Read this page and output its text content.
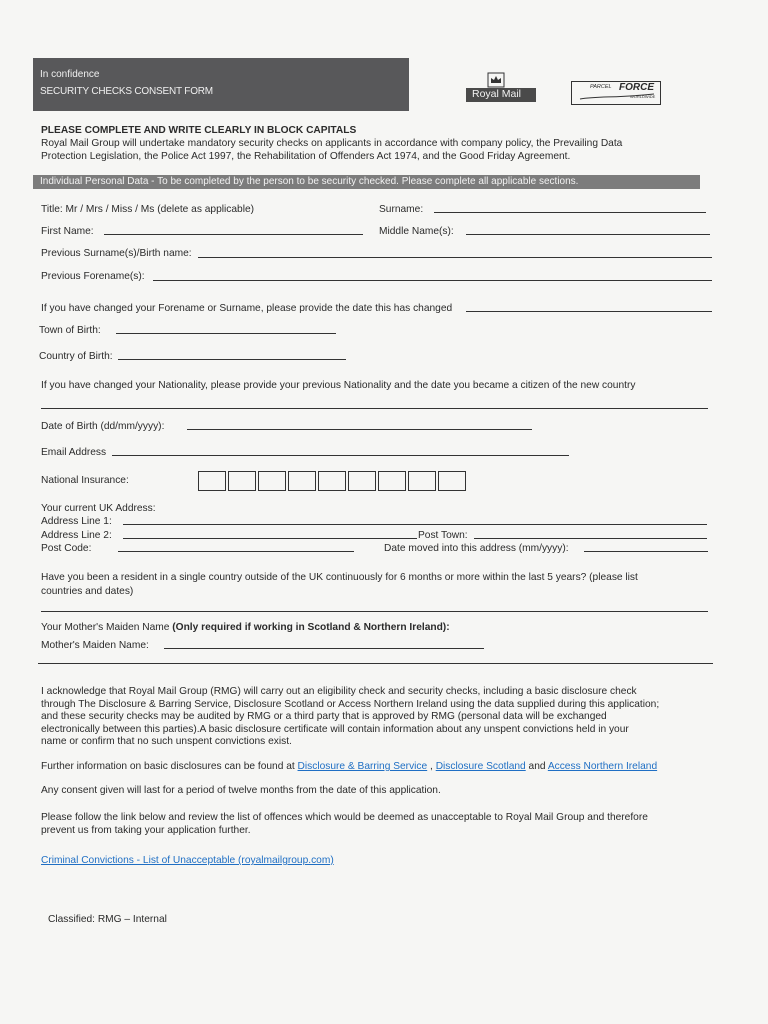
In confidence
SECURITY CHECKS CONSENT FORM	Royal Mail
PARCEL FORCE
WORLDWIDE
PLEASE COMPLETE AND WRITE CLEARLY IN BLOCK CAPITALS
Royal Mail Group will undertake mandatory security checks on applicants in accordance with company policy, the Prevailing Data
Protection Legislation, the Police Act 1997, the Rehabilitation of Offenders Act 1974, and the Good Friday Agreement.
Individual Personal Data - To be completed by the person to be security checked. Please complete all applicable sections.
Title: Mr / Mrs / Miss / Ms (delete as applicable)	Surname:
First Name:	Middle Name(s):
Previous Surname(s)/Birth name:
Previous Forename(s):
If you have changed your Forename or Surname, please provide the date this has changed
Town of Birth:
Country of Birth:
If you have changed your Nationality, please provide your previous Nationality and the date you became a citizen of the new country
Date of Birth (dd/mm/yyyy):
Email Address
National Insurance:
Your current UK Address:
Address Line 1:
Address Line 2:	Post Town:
Post Code:	Date moved into this address (mm/yyyy):
Have you been a resident in a single country outside of the UK continuously for 6 months or more within the last 5 years? (please list
countries and dates)
Your Mother's Maiden Name (Only required if working in Scotland & Northern Ireland):
Mother's Maiden Name:
I acknowledge that Royal Mail Group (RMG) will carry out an eligibility check and security checks, including a basic disclosure check
through The Disclosure & Barring Service, Disclosure Scotland or Access Northern Ireland using the data supplied during this application;
and these security checks may be audited by RMG or a third party that is approved by RMG (personal data will be exchanged
electronically between this parties).A basic disclosure certificate will contain information about any unspent convictions held in your
name or confirm that no such unspent convictions exist.
Further information on basic disclosures can be found at Disclosure & Barring Service , Disclosure Scotland and Access Northern Ireland
Any consent given will last for a period of twelve months from the date of this application.
Please follow the link below and review the list of offences which would be deemed as unacceptable to Royal Mail Group and therefore
prevent us from taking your application further.
Criminal Convictions - List of Unacceptable (royalmailgroup.com)
Classified: RMG – Internal
